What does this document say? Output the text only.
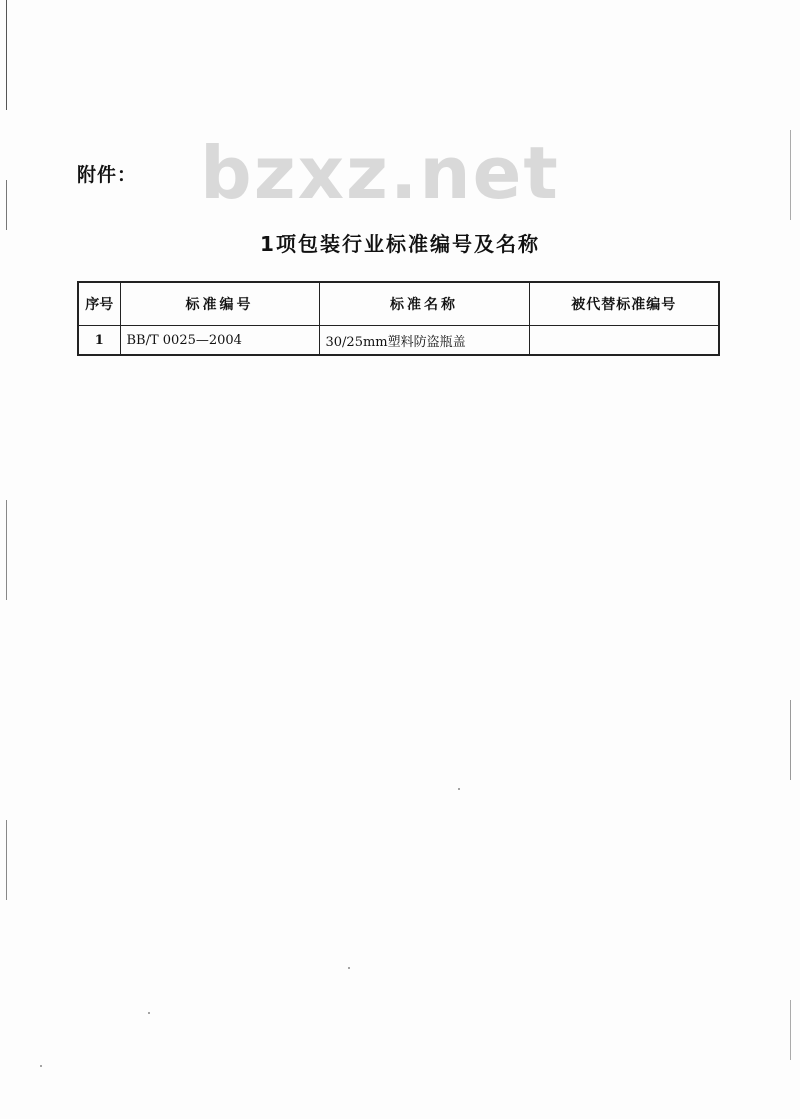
附件： bzxz.net
1项包装行业标准编号及名称
序号	标准编号	标准名称	被代替标准编号
1	BB/T 0025—2004	30/25mm塑料防盗瓶盖	
